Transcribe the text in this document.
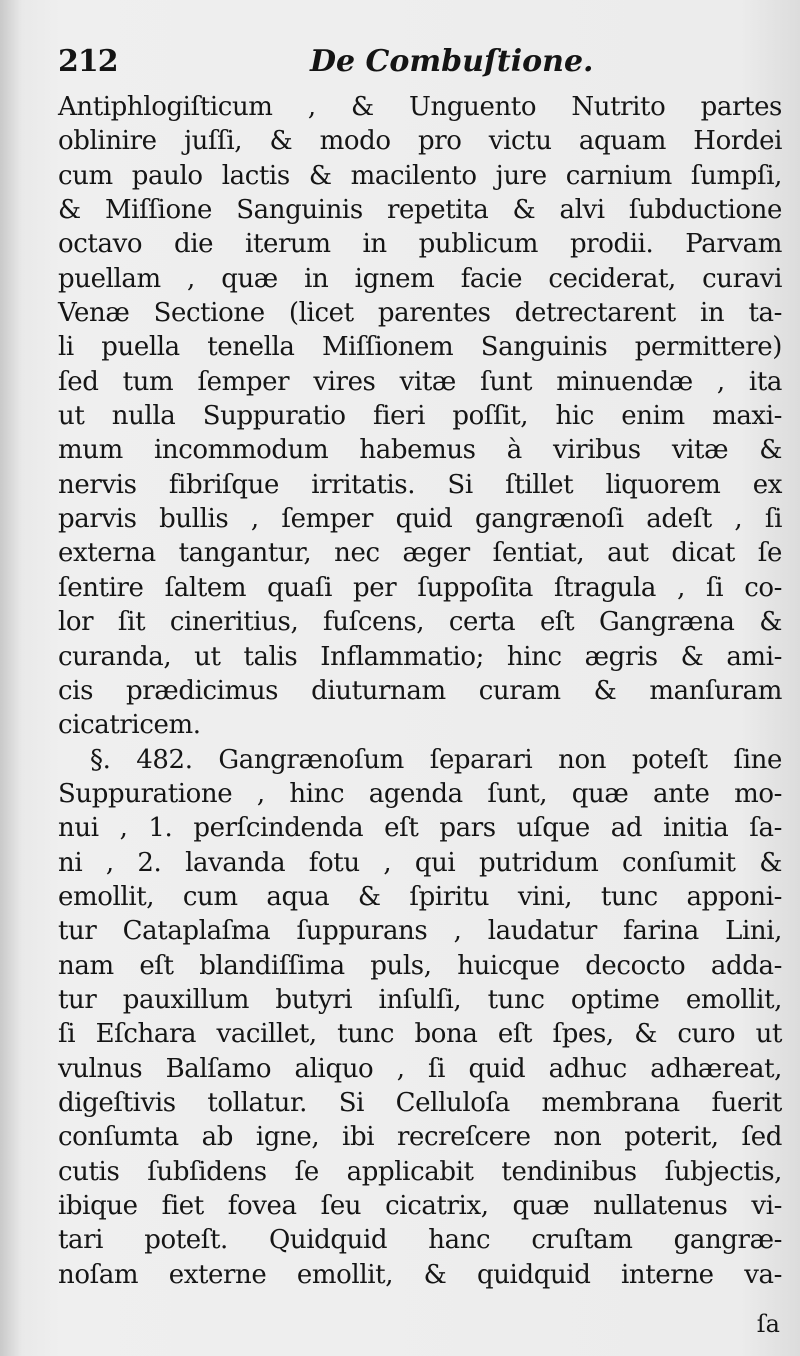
212	De Combuſtione.
Antiphlogiſticum , & Unguento Nutrito partes
oblinire juſſi, & modo pro victu aquam Hordei
cum paulo lactis & macilento jure carnium ſumpſi,
& Miſſione Sanguinis repetita & alvi ſubductione
octavo die iterum in publicum prodii. Parvam
puellam , quæ in ignem facie ceciderat, curavi
Venæ Sectione (licet parentes detrectarent in ta-
li puella tenella Miſſionem Sanguinis permittere)
ſed tum ſemper vires vitæ ſunt minuendæ , ita
ut nulla Suppuratio fieri poſſit, hic enim maxi-
mum incommodum habemus à viribus vitæ &
nervis fibriſque irritatis. Si ſtillet liquorem ex
parvis bullis , ſemper quid gangrænoſi adeſt , ſi
externa tangantur, nec æger ſentiat, aut dicat ſe
ſentire ſaltem quaſi per ſuppoſita ſtragula , ſi co-
lor ſit cineritius, fuſcens, certa eſt Gangræna &
curanda, ut talis Inflammatio; hinc ægris & ami-
cis prædicimus diuturnam curam & manſuram
cicatricem.
§. 482. Gangrænoſum ſeparari non poteſt ſine
Suppuratione , hinc agenda ſunt, quæ ante mo-
nui , 1. perſcindenda eſt pars uſque ad initia ſa-
ni , 2. lavanda fotu , qui putridum conſumit &
emollit, cum aqua & ſpiritu vini, tunc apponi-
tur Cataplaſma ſuppurans , laudatur farina Lini,
nam eſt blandiſſima puls, huicque decocto adda-
tur pauxillum butyri inſulſi, tunc optime emollit,
ſi Eſchara vacillet, tunc bona eſt ſpes, & curo ut
vulnus Balſamo aliquo , ſi quid adhuc adhæreat,
digeſtivis tollatur. Si Celluloſa membrana fuerit
conſumta ab igne, ibi recreſcere non poterit, ſed
cutis ſubſidens ſe applicabit tendinibus ſubjectis,
ibique fiet fovea ſeu cicatrix, quæ nullatenus vi-
tari poteſt. Quidquid hanc cruſtam gangræ-
noſam externe emollit, & quidquid interne va-
ſa
